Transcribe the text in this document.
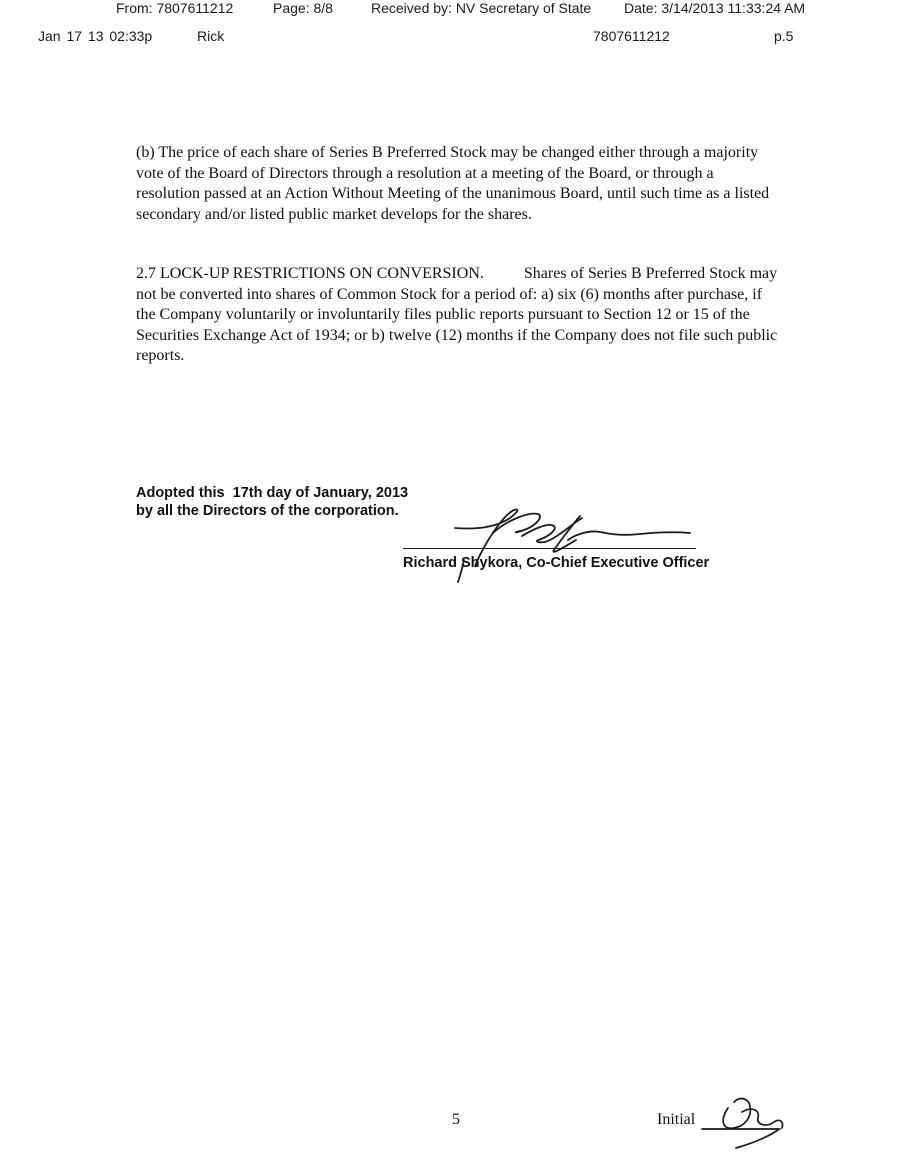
From: 7807611212	Page: 8/8	Received by: NV Secretary of State Date: 3/14/2013 11:33:24 AM
Jan 17 13 02:33p	Rick	7807611212	p.5

(b) The price of each share of Series B Preferred Stock may be changed either through a majority vote of the Board of Directors through a resolution at a meeting of the Board, or through a resolution passed at an Action Without Meeting of the unanimous Board, until such time as a listed secondary and/or listed public market develops for the shares.

2.7 LOCK-UP RESTRICTIONS ON CONVERSION.	Shares of Series B Preferred Stock may not be converted into shares of Common Stock for a period of: a) six (6) months after purchase, if the Company voluntarily or involuntarily files public reports pursuant to Section 12 or 15 of the Securities Exchange Act of 1934; or b) twelve (12) months if the Company does not file such public reports.

Adopted this  17th day of January, 2013
by all the Directors of the corporation.
Richard Shykora, Co-Chief Executive Officer
5	Initial
